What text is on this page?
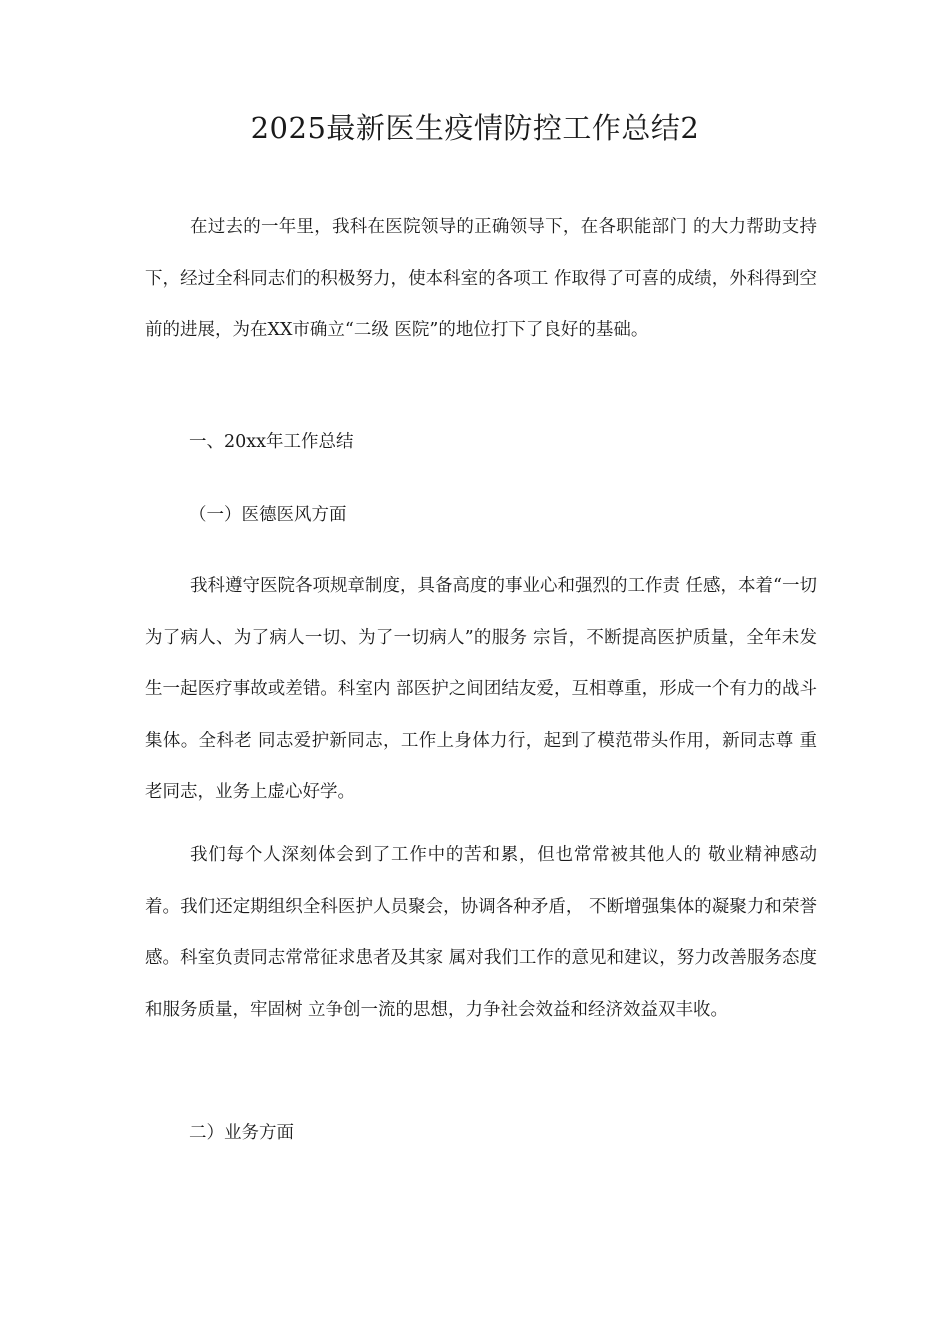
2025最新医生疫情防控工作总结2

在过去的一年里，我科在医院领导的正确领导下，在各职能部门 的大力帮助支持下，经过全科同志们的积极努力，使本科室的各项工 作取得了可喜的成绩，外科得到空前的进展，为在XX市确立“二级 医院”的地位打下了良好的基础。

一、20xx年工作总结

（一）医德医风方面

我科遵守医院各项规章制度，具备高度的事业心和强烈的工作责 任感，本着“一切为了病人、为了病人一切、为了一切病人”的服务 宗旨，不断提高医护质量，全年未发生一起医疗事故或差错。科室内 部医护之间团结友爱，互相尊重，形成一个有力的战斗集体。全科老 同志爱护新同志，工作上身体力行，起到了模范带头作用，新同志尊 重老同志，业务上虚心好学。

我们每个人深刻体会到了工作中的苦和累，但也常常被其他人的 敬业精神感动着。我们还定期组织全科医护人员聚会，协调各种矛盾， 不断增强集体的凝聚力和荣誉感。科室负责同志常常征求患者及其家 属对我们工作的意见和建议，努力改善服务态度和服务质量，牢固树 立争创一流的思想，力争社会效益和经济效益双丰收。

二）业务方面
